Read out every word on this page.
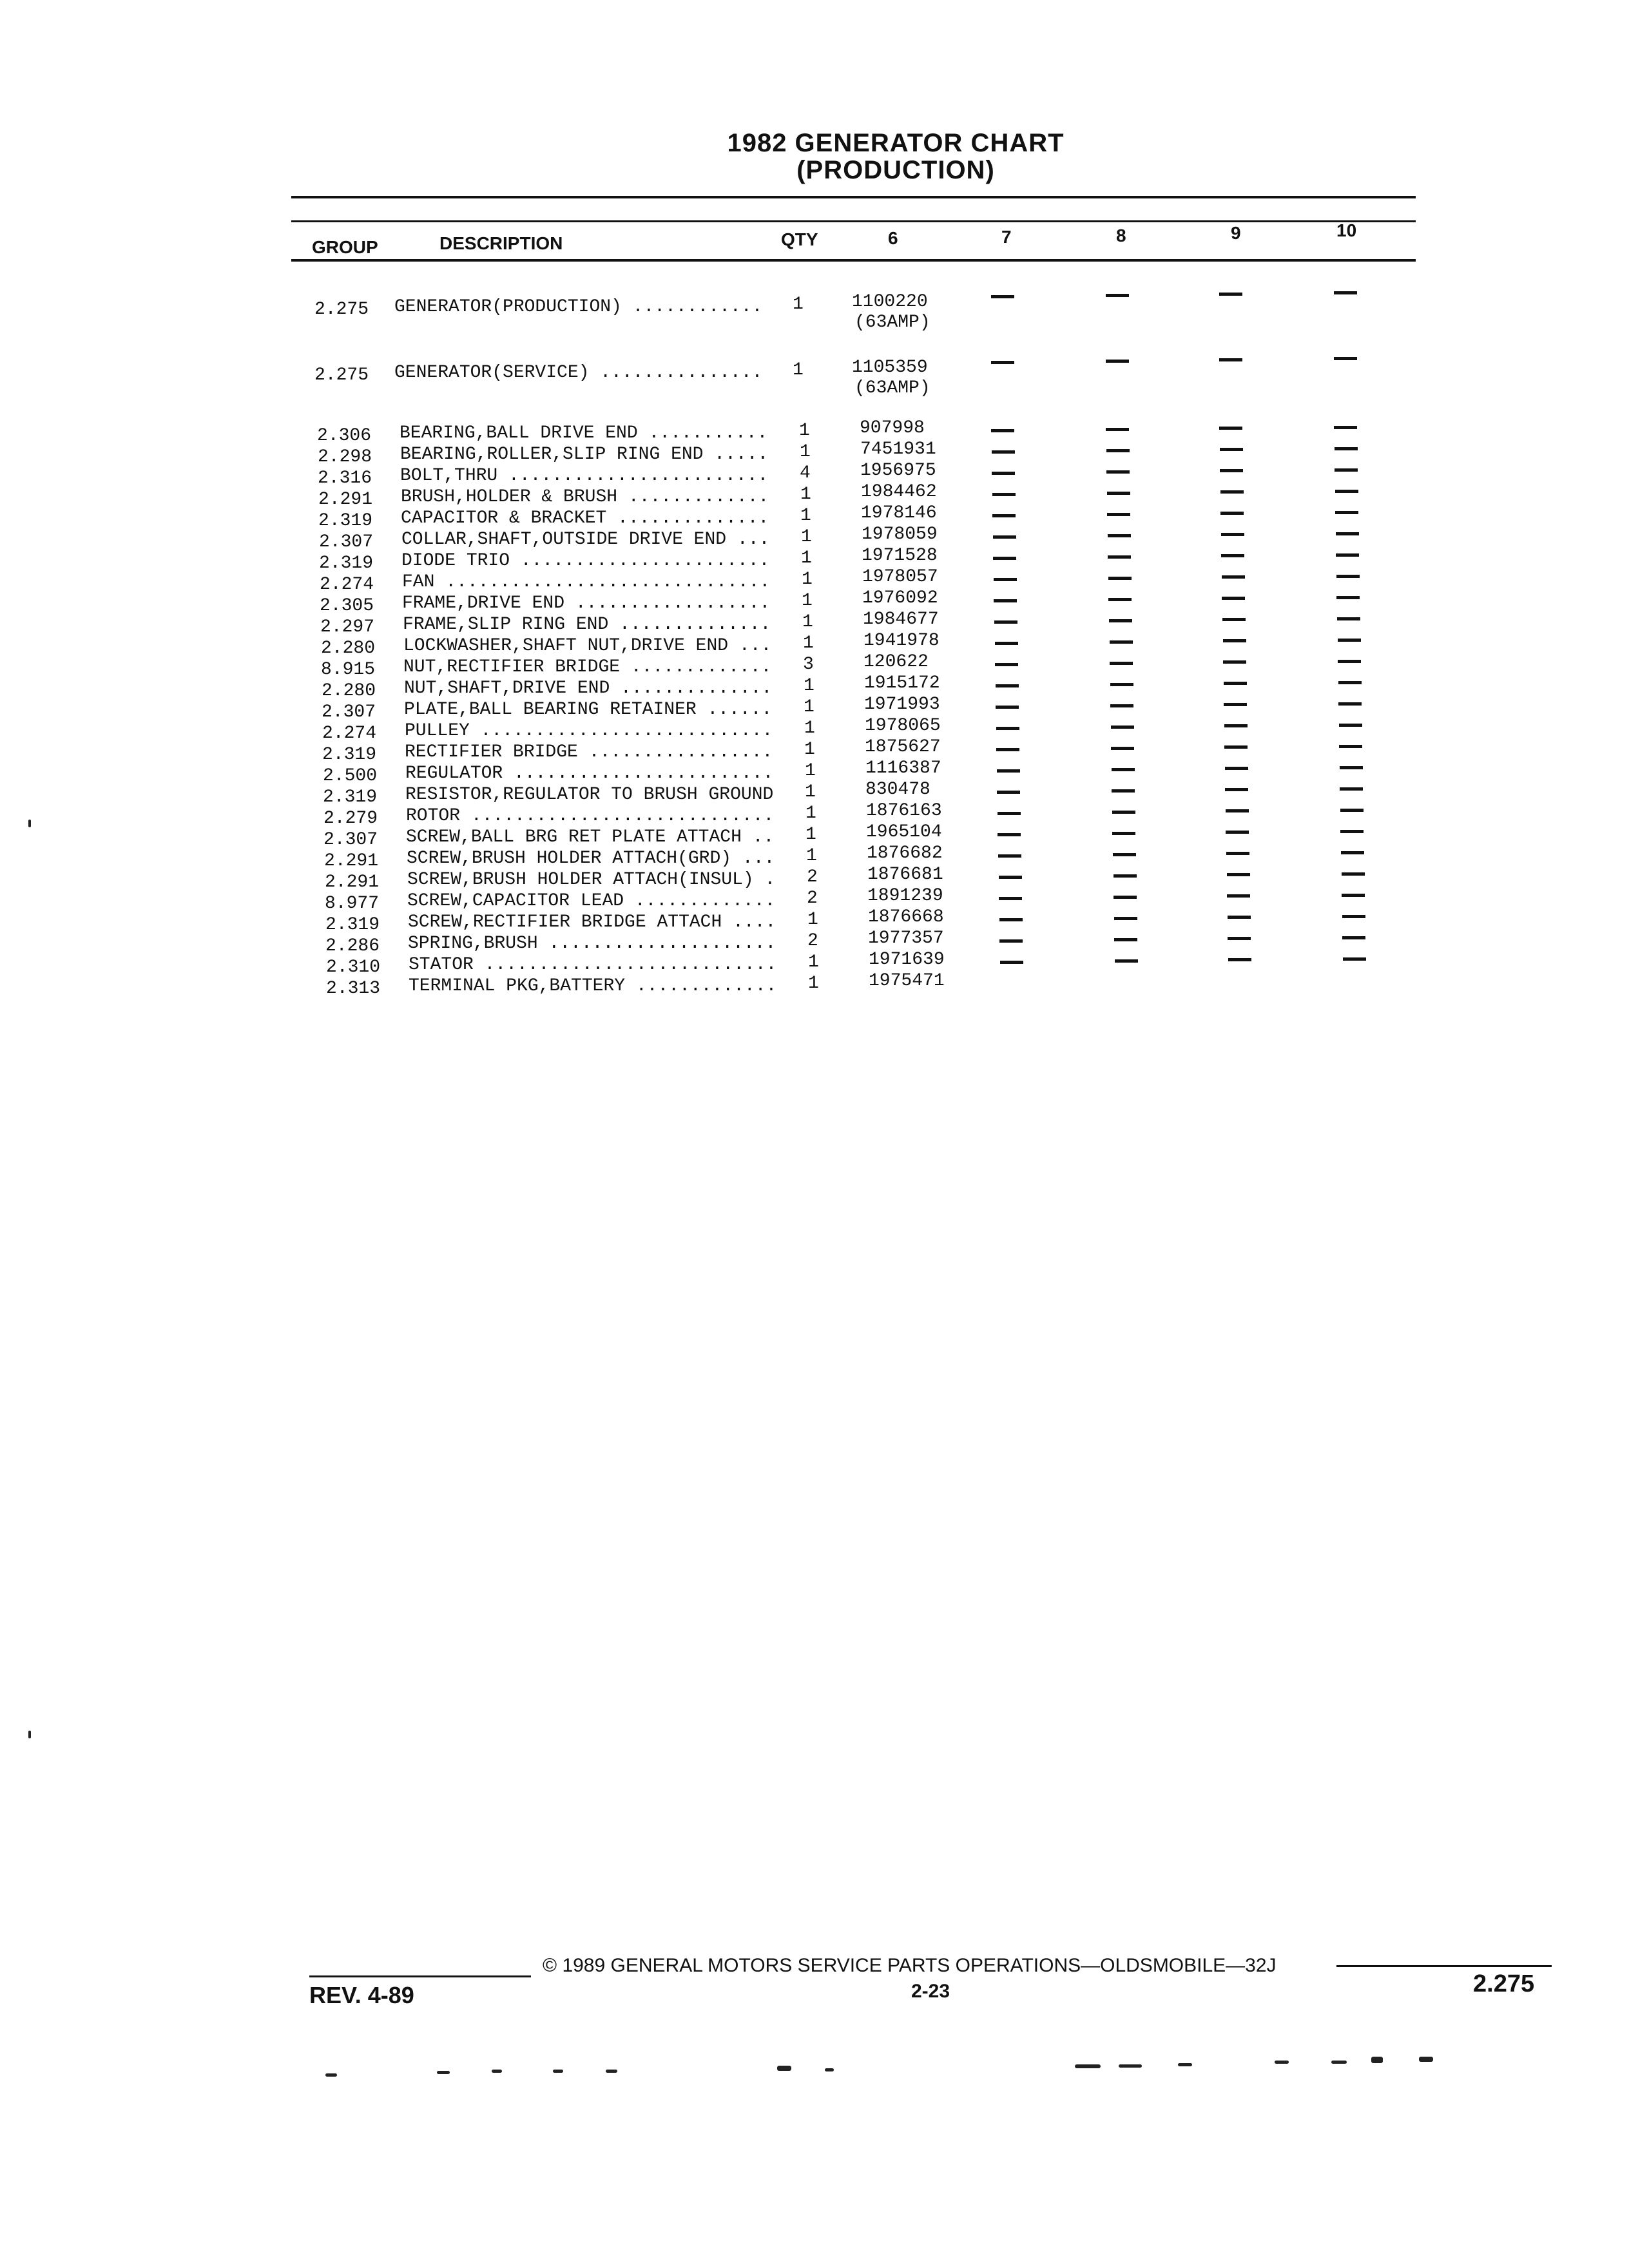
1982 GENERATOR CHART
(PRODUCTION)
GROUP	DESCRIPTION	QTY	6	7	8	9	10
2.275 GENERATOR(PRODUCTION) ............ 1	1100220
(63AMP)
2.275 GENERATOR(SERVICE) ............... 1	1105359
(63AMP)
2.306 BEARING,BALL DRIVE END ........... 1	907998
2.298 BEARING,ROLLER,SLIP RING END ..... 1	7451931
2.316 BOLT,THRU ........................ 4	1956975
2.291 BRUSH,HOLDER & BRUSH ............. 1	1984462
2.319 CAPACITOR & BRACKET .............. 1	1978146
2.307 COLLAR,SHAFT,OUTSIDE DRIVE END ... 1	1978059
2.319 DIODE TRIO ....................... 1	1971528
2.274 FAN .............................. 1	1978057
2.305 FRAME,DRIVE END .................. 1	1976092
2.297 FRAME,SLIP RING END .............. 1	1984677
2.280 LOCKWASHER,SHAFT NUT,DRIVE END ... 1	1941978
8.915 NUT,RECTIFIER BRIDGE ............. 3	120622
2.280 NUT,SHAFT,DRIVE END .............. 1	1915172
2.307 PLATE,BALL BEARING RETAINER ...... 1	1971993
2.274 PULLEY ........................... 1	1978065
2.319 RECTIFIER BRIDGE ................. 1	1875627
2.500 REGULATOR ........................ 1	1116387
2.319 RESISTOR,REGULATOR TO BRUSH GROUND 1	830478
2.279 ROTOR ............................ 1	1876163
2.307 SCREW,BALL BRG RET PLATE ATTACH .. 1	1965104
2.291 SCREW,BRUSH HOLDER ATTACH(GRD) ... 1	1876682
2.291 SCREW,BRUSH HOLDER ATTACH(INSUL) . 2	1876681
8.977 SCREW,CAPACITOR LEAD ............. 2	1891239
2.319 SCREW,RECTIFIER BRIDGE ATTACH .... 1	1876668
2.286 SPRING,BRUSH ..................... 2	1977357
2.310 STATOR ........................... 1	1971639
2.313 TERMINAL PKG,BATTERY ............. 1	1975471
© 1989 GENERAL MOTORS SERVICE PARTS OPERATIONS—OLDSMOBILE—32J
REV. 4-89	2-23	2.275
